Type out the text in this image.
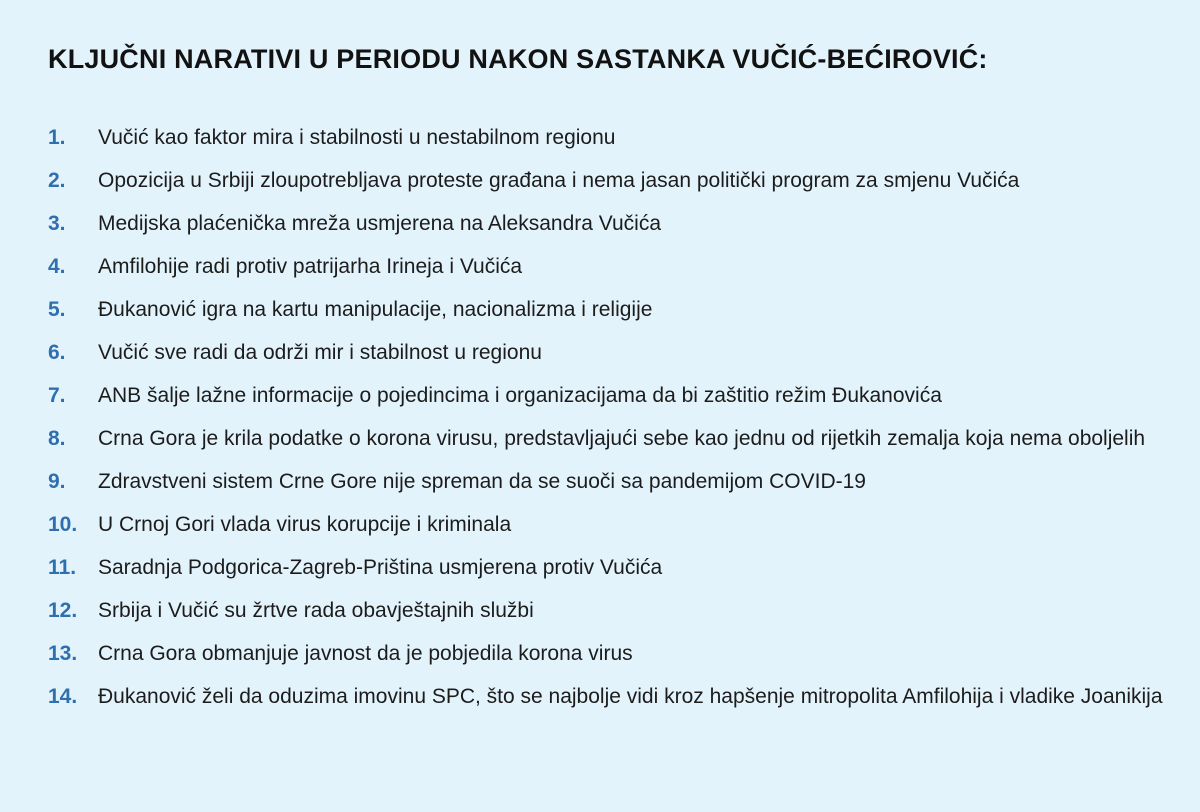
KLJUČNI NARATIVI U PERIODU NAKON SASTANKA VUČIĆ-BEĆIROVIĆ:
1.	Vučić kao faktor mira i stabilnosti u nestabilnom regionu
2.	Opozicija u Srbiji zloupotrebljava proteste građana i nema jasan politički program za smjenu Vučića
3.	Medijska plaćenička mreža usmjerena na Aleksandra Vučića
4.	Amfilohije radi protiv patrijarha Irineja i Vučića
5.	Đukanović igra na kartu manipulacije, nacionalizma i religije
6.	Vučić sve radi da održi mir i stabilnost u regionu
7.	ANB šalje lažne informacije o pojedincima i organizacijama da bi zaštitio režim Đukanovića
8.	Crna Gora je krila podatke o korona virusu, predstavljajući sebe kao jednu od rijetkih zemalja koja nema oboljelih
9.	Zdravstveni sistem Crne Gore nije spreman da se suoči sa pandemijom COVID-19
10. U Crnoj Gori vlada virus korupcije i kriminala
11.	Saradnja Podgorica-Zagreb-Priština usmjerena protiv Vučića
12. Srbija i Vučić su žrtve rada obavještajnih službi
13. Crna Gora obmanjuje javnost da je pobjedila korona virus
14. Đukanović želi da oduzima imovinu SPC, što se najbolje vidi kroz hapšenje mitropolita Amfilohija i vladike Joanikija
